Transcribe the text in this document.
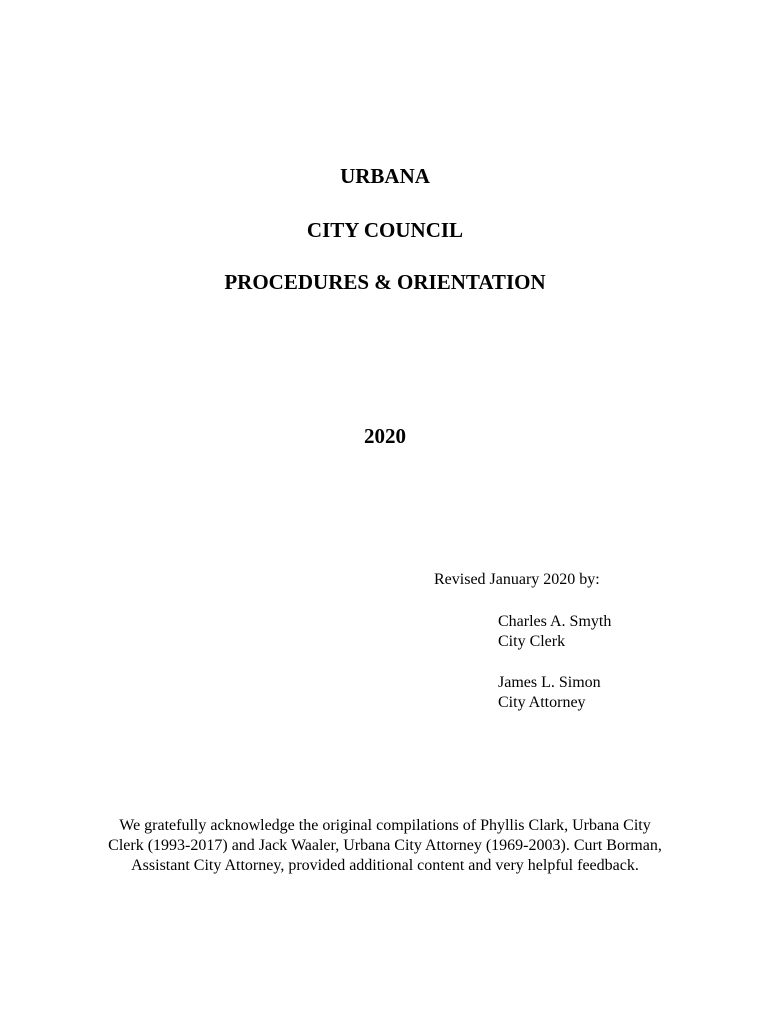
URBANA
CITY COUNCIL
PROCEDURES & ORIENTATION
2020
Revised January 2020 by:
Charles A. Smyth
City Clerk
James L. Simon
City Attorney
We gratefully acknowledge the original compilations of Phyllis Clark, Urbana City
Clerk (1993-2017) and Jack Waaler, Urbana City Attorney (1969-2003). Curt Borman,
Assistant City Attorney, provided additional content and very helpful feedback.
